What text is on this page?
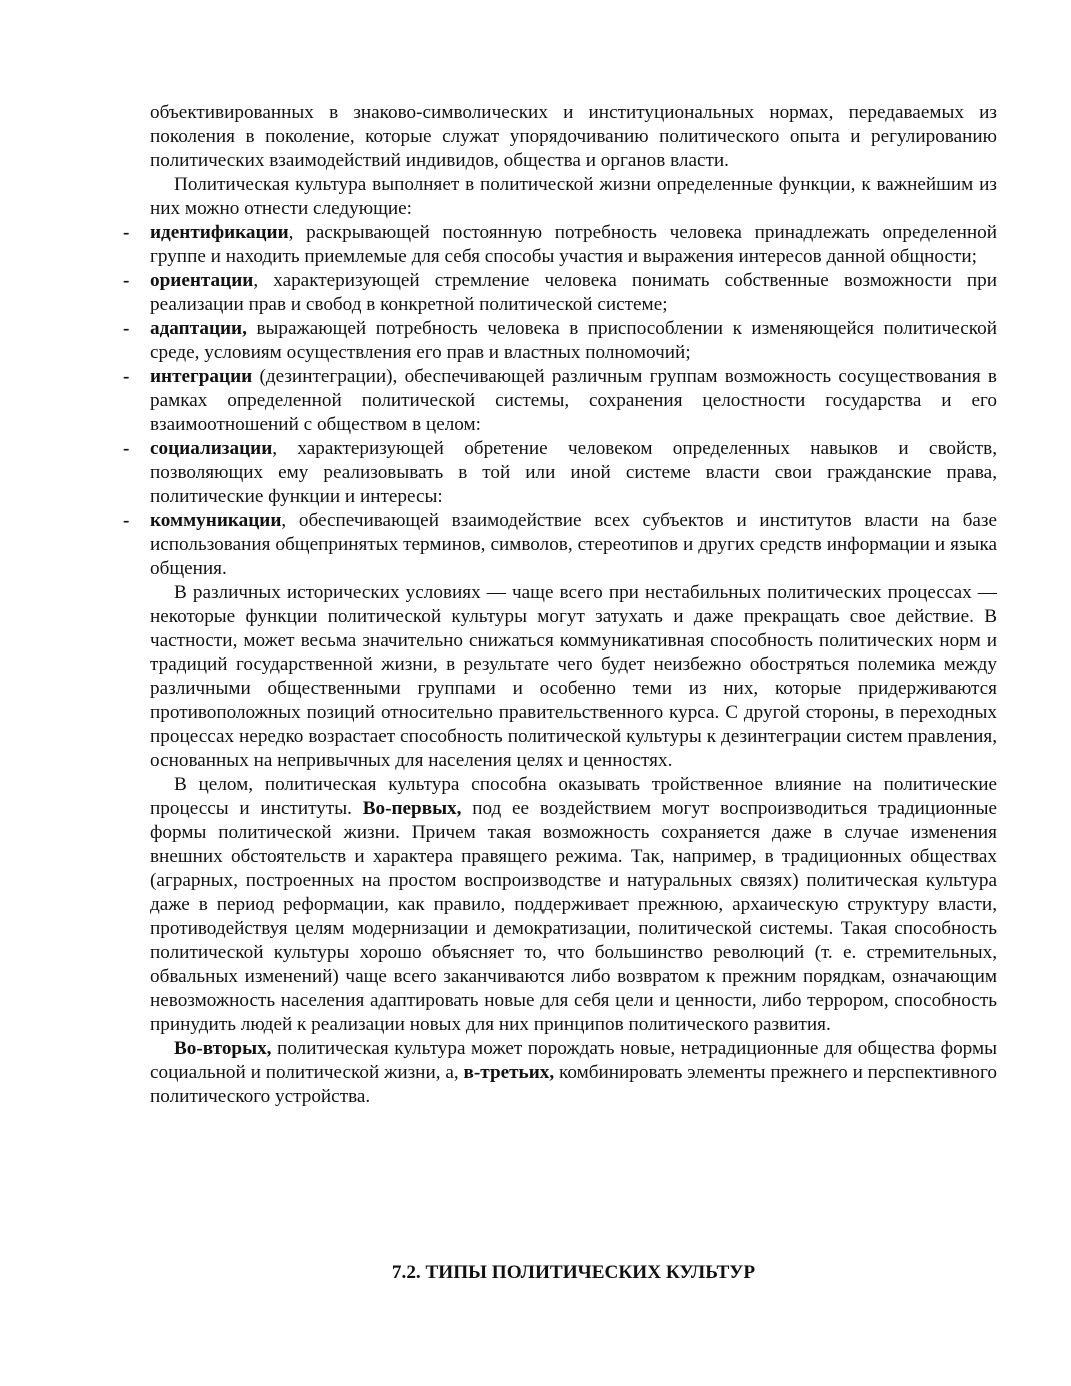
объективированных в знаково-символических и институциональных нормах, передаваемых из поколения в поколение, которые служат упорядочиванию политического опыта и регулированию политических взаимодействий индивидов, общества и органов власти.

Политическая культура выполняет в политической жизни определенные функции, к важнейшим из них можно отнести следующие:

- идентификации, раскрывающей постоянную потребность человека принадлежать определенной группе и находить приемлемые для себя способы участия и выражения интересов данной общности;
- ориентации, характеризующей стремление человека понимать собственные возможности при реализации прав и свобод в конкретной политической системе;
- адаптации, выражающей потребность человека в приспособлении к изменяющейся политической среде, условиям осуществления его прав и властных полномочий;
- интеграции (дезинтеграции), обеспечивающей различным группам возможность сосуществования в рамках определенной политической системы, сохранения целостности государства и его взаимоотношений с обществом в целом:
- социализации, характеризующей обретение человеком определенных навыков и свойств, позволяющих ему реализовывать в той или иной системе власти свои гражданские права, политические функции и интересы:
- коммуникации, обеспечивающей взаимодействие всех субъектов и институтов власти на базе использования общепринятых терминов, символов, стереотипов и других средств информации и языка общения.

В различных исторических условиях — чаще всего при нестабильных политических процессах — некоторые функции политической культуры могут затухать и даже прекращать свое действие. В частности, может весьма значительно снижаться коммуникативная способность политических норм и традиций государственной жизни, в результате чего будет неизбежно обостряться полемика между различными общественными группами и особенно теми из них, которые придерживаются противоположных позиций относительно правительственного курса. С другой стороны, в переходных процессах нередко возрастает способность политической культуры к дезинтеграции систем правления, основанных на непривычных для населения целях и ценностях.

В целом, политическая культура способна оказывать тройственное влияние на политические процессы и институты. Во-первых, под ее воздействием могут воспроизводиться традиционные формы политической жизни. Причем такая возможность сохраняется даже в случае изменения внешних обстоятельств и характера правящего режима. Так, например, в традиционных обществах (аграрных, построенных на простом воспроизводстве и натуральных связях) политическая культура даже в период реформации, как правило, поддерживает прежнюю, архаическую структуру власти, противодействуя целям модернизации и демократизации, политической системы. Такая способность политической культуры хорошо объясняет то, что большинство революций (т. е. стремительных, обвальных изменений) чаще всего заканчиваются либо возвратом к прежним порядкам, означающим невозможность населения адаптировать новые для себя цели и ценности, либо террором, способность принудить людей к реализации новых для них принципов политического развития.

Во-вторых, политическая культура может порождать новые, нетрадиционные для общества формы социальной и политической жизни, а, в-третьих, комбинировать элементы прежнего и перспективного политического устройства.

7.2. ТИПЫ ПОЛИТИЧЕСКИХ КУЛЬТУР
